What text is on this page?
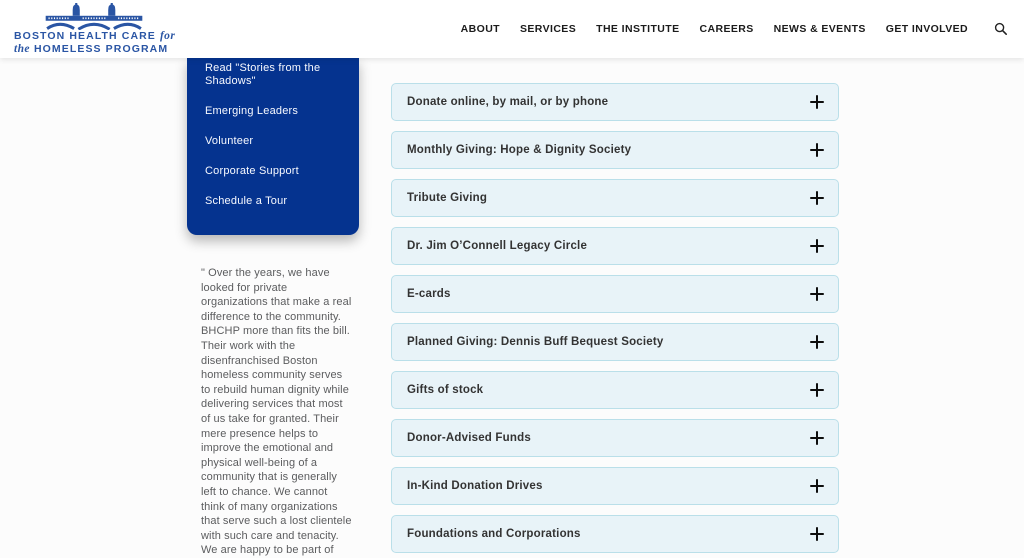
BOSTON HEALTH CARE for
the HOMELESS PROGRAM
ABOUT SERVICES THE INSTITUTE CAREERS NEWS & EVENTS GET INVOLVED
Read "Stories from the Shadows"
Emerging Leaders
Volunteer
Corporate Support
Schedule a Tour
" Over the years, we have looked for private organizations that make a real difference to the community. BHCHP more than fits the bill. Their work with the disenfranchised Boston homeless community serves to rebuild human dignity while delivering services that most of us take for granted. Their mere presence helps to improve the emotional and physical well-being of a community that is generally left to chance. We cannot think of many organizations that serve such a lost clientele with such care and tenacity. We are happy to be part of
Donate online, by mail, or by phone
Monthly Giving: Hope & Dignity Society
Tribute Giving
Dr. Jim O’Connell Legacy Circle
E-cards
Planned Giving: Dennis Buff Bequest Society
Gifts of stock
Donor-Advised Funds
In-Kind Donation Drives
Foundations and Corporations
